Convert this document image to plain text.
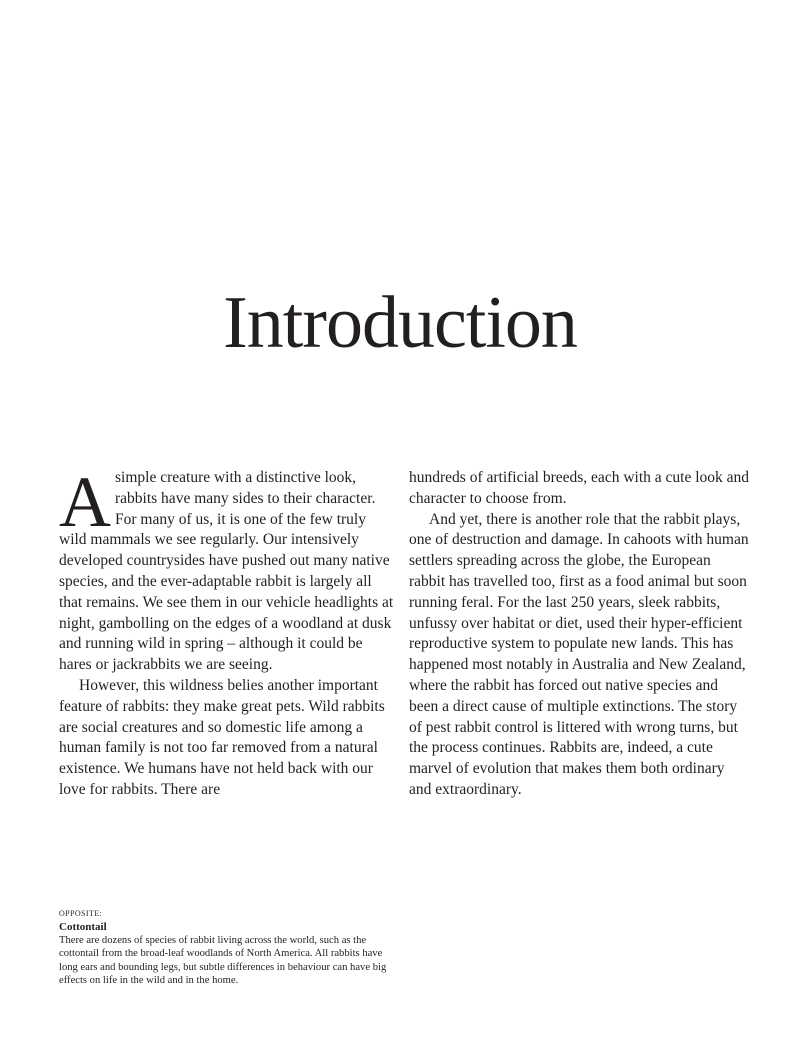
Introduction

A simple creature with a distinctive look, rabbits have many sides to their character. For many of us, it is one of the few truly wild mammals we see regularly. Our intensively developed countrysides have pushed out many native species, and the ever-adaptable rabbit is largely all that remains. We see them in our vehicle headlights at night, gambolling on the edges of a woodland at dusk and running wild in spring – although it could be hares or jackrabbits we are seeing.

However, this wildness belies another important feature of rabbits: they make great pets. Wild rabbits are social creatures and so domestic life among a human family is not too far removed from a natural existence. We humans have not held back with our love for rabbits. There are

hundreds of artificial breeds, each with a cute look and character to choose from.

And yet, there is another role that the rabbit plays, one of destruction and damage. In cahoots with human settlers spreading across the globe, the European rabbit has travelled too, first as a food animal but soon running feral. For the last 250 years, sleek rabbits, unfussy over habitat or diet, used their hyper-efficient reproductive system to populate new lands. This has happened most notably in Australia and New Zealand, where the rabbit has forced out native species and been a direct cause of multiple extinctions. The story of pest rabbit control is littered with wrong turns, but the process continues. Rabbits are, indeed, a cute marvel of evolution that makes them both ordinary and extraordinary.

OPPOSITE:
Cottontail

There are dozens of species of rabbit living across the world, such as the cottontail from the broad-leaf woodlands of North America. All rabbits have long ears and bounding legs, but subtle differences in behaviour can have big effects on life in the wild and in the home.
